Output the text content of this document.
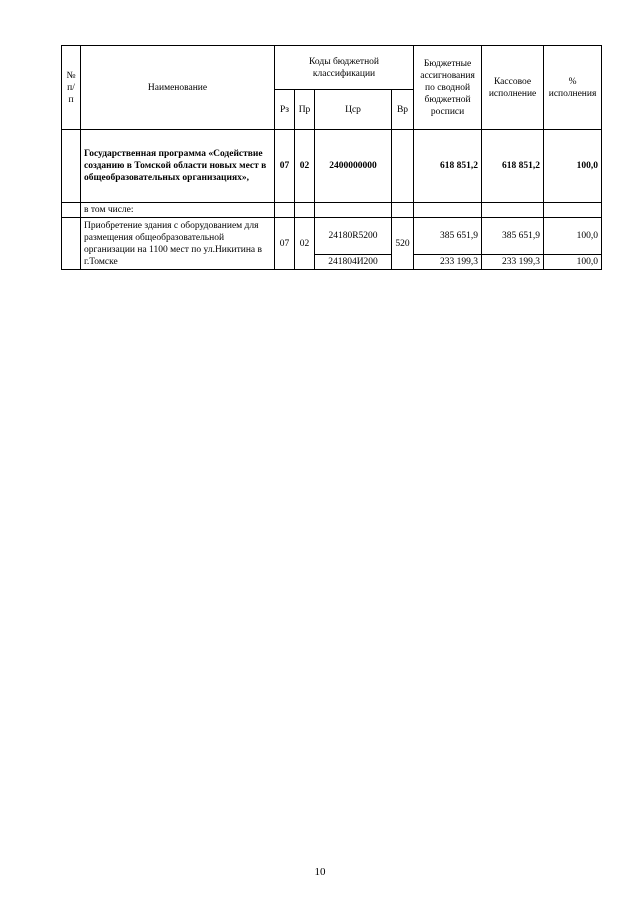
№ п/п	Наименование	Коды бюджетной классификации				Бюджетные ассигнования по сводной бюджетной росписи	Кассовое исполнение	% исполнения
		Рз	Пр	Цср	Вр			
	Государственная программа «Содействие созданию в Томской области новых мест в общеобразовательных организациях»,	07	02	2400000000		618 851,2	618 851,2	100,0
	в том числе:							
	Приобретение здания с оборудованием для размещения общеобразовательной организации на 1100 мест по ул.Никитина в г.Томске	07	02	24180R5200	520	385 651,9	385 651,9	100,0
				241804И200		233 199,3	233 199,3	100,0
10
